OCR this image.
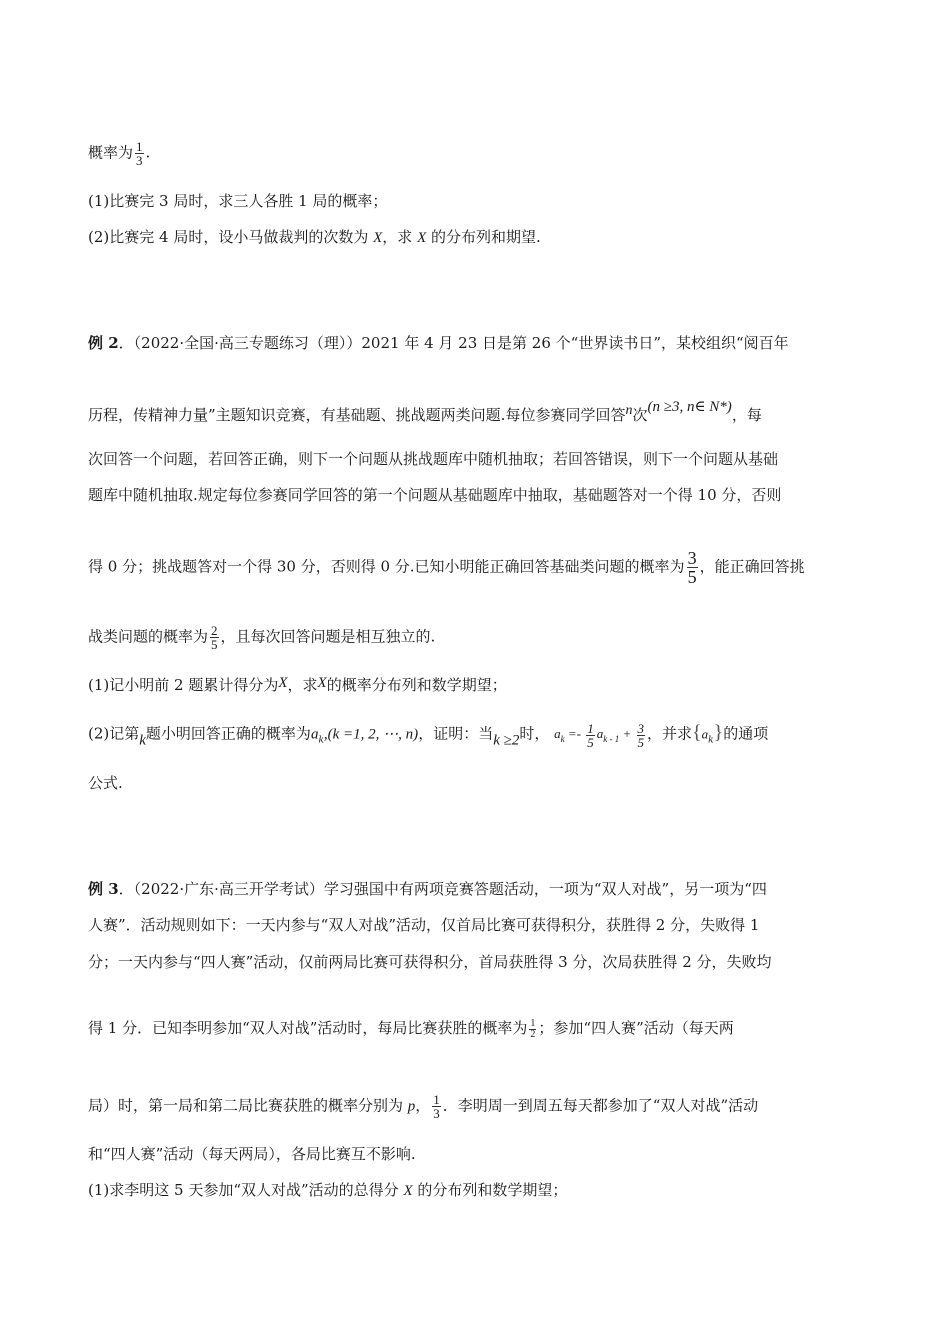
概率为 $\frac{1}{3}$ .
(1)比赛完 3 局时，求三人各胜 1 局的概率；
(2)比赛完 4 局时，设小马做裁判的次数为 X，求 X 的分布列和期望.
例 2．（2022·全国·高三专题练习（理））2021 年 4 月 23 日是第 26 个“世界读书日”，某校组织“阅百年
历程，传精神力量”主题知识竞赛，有基础题、挑战题两类问题.每位参赛同学回答n次(n ≥3, n∈ N*)，每
次回答一个问题，若回答正确，则下一个问题从挑战题库中随机抽取；若回答错误，则下一个问题从基础
题库中随机抽取.规定每位参赛同学回答的第一个问题从基础题库中抽取，基础题答对一个得 10 分，否则
得 0 分；挑战题答对一个得 30 分，否则得 0 分.已知小明能正确回答基础类问题的概率为 $\frac{3}{5}$ ，能正确回答挑
战类问题的概率为 $\frac{2}{5}$ ，且每次回答问题是相互独立的.
(1)记小明前 2 题累计得分为X，求X的概率分布列和数学期望；
(2)记第k题小明回答正确的概率为$a_k,(k =1$, 2, ⋯, n)，证明：当k ≥2时， $a_k =- \frac{1}{5} a_{k - 1} + \frac{3}{5}$ ，并求$\{a_k\}$的通项
公式.
例 3．（2022·广东·高三开学考试）学习强国中有两项竞赛答题活动，一项为“双人对战”，另一项为“四
人赛”．活动规则如下：一天内参与“双人对战”活动，仅首局比赛可获得积分，获胜得 2 分，失败得 1
分；一天内参与“四人赛”活动，仅前两局比赛可获得积分，首局获胜得 3 分，次局获胜得 2 分，失败均
得 1 分．已知李明参加“双人对战”活动时，每局比赛获胜的概率为 $\frac{1}{2}$ ；参加“四人赛”活动（每天两
局）时，第一局和第二局比赛获胜的概率分别为 p， $\frac{1}{3}$ ．李明周一到周五每天都参加了“双人对战”活动
和“四人赛”活动（每天两局），各局比赛互不影响.
(1)求李明这 5 天参加“双人对战”活动的总得分 X 的分布列和数学期望；
